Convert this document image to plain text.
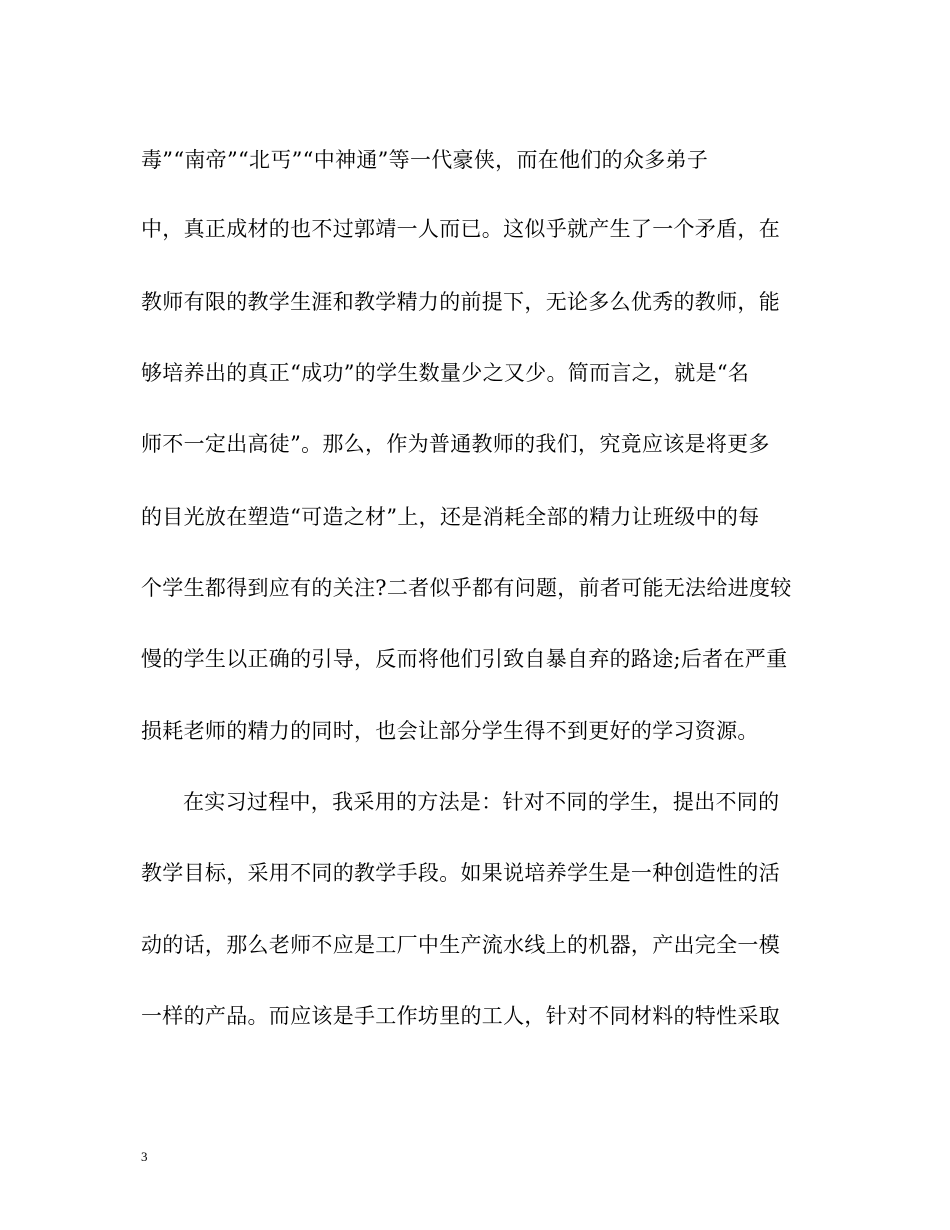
毒”“南帝”“北丐”“中神通”等一代豪侠，而在他们的众多弟子
中，真正成材的也不过郭靖一人而已。这似乎就产生了一个矛盾，在
教师有限的教学生涯和教学精力的前提下，无论多么优秀的教师，能
够培养出的真正“成功”的学生数量少之又少。简而言之，就是“名
师不一定出高徒”。那么，作为普通教师的我们，究竟应该是将更多
的目光放在塑造“可造之材”上，还是消耗全部的精力让班级中的每
个学生都得到应有的关注?二者似乎都有问题，前者可能无法给进度较
慢的学生以正确的引导，反而将他们引致自暴自弃的路途;后者在严重
损耗老师的精力的同时，也会让部分学生得不到更好的学习资源。
在实习过程中，我采用的方法是：针对不同的学生，提出不同的
教学目标，采用不同的教学手段。如果说培养学生是一种创造性的活
动的话，那么老师不应是工厂中生产流水线上的机器，产出完全一模
一样的产品。而应该是手工作坊里的工人，针对不同材料的特性采取
3
